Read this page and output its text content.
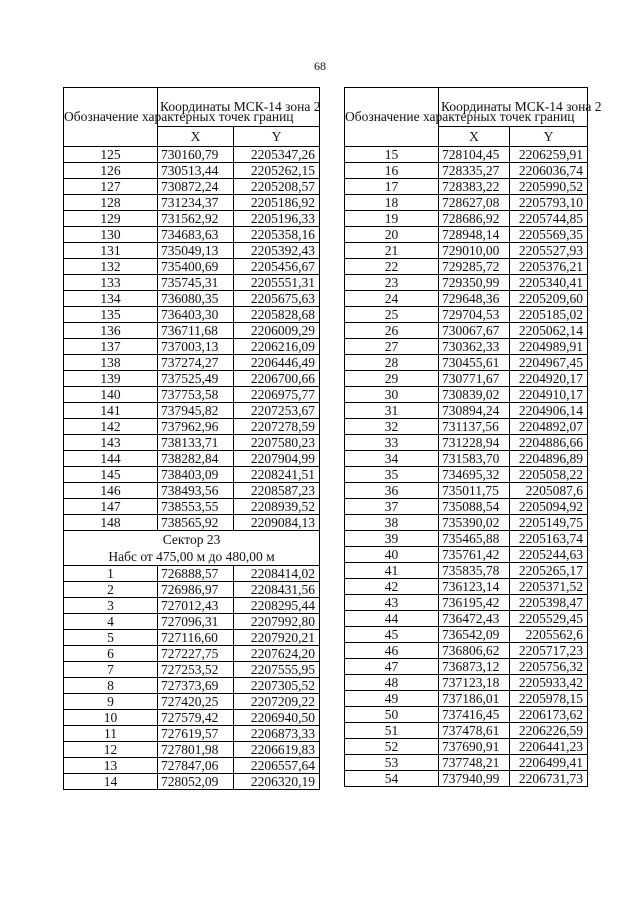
68
Обозначение характерных точек границ	Координаты МСК-14 зона 2	
	X	Y
125	730160,79	2205347,26
126	730513,44	2205262,15
127	730872,24	2205208,57
128	731234,37	2205186,92
129	731562,92	2205196,33
130	734683,63	2205358,16
131	735049,13	2205392,43
132	735400,69	2205456,67
133	735745,31	2205551,31
134	736080,35	2205675,63
135	736403,30	2205828,68
136	736711,68	2206009,29
137	737003,13	2206216,09
138	737274,27	2206446,49
139	737525,49	2206700,66
140	737753,58	2206975,77
141	737945,82	2207253,67
142	737962,96	2207278,59
143	738133,71	2207580,23
144	738282,84	2207904,99
145	738403,09	2208241,51
146	738493,56	2208587,23
147	738553,55	2208939,52
148	738565,92	2209084,13

Сектор 23
Набс от 475,00 м до 480,00 м		

1	726888,57	2208414,02
2	726986,97	2208431,56
3	727012,43	2208295,44
4	727096,31	2207992,80
5	727116,60	2207920,21
6	727227,75	2207624,20
7	727253,52	2207555,95
8	727373,69	2207305,52
9	727420,25	2207209,22
10	727579,42	2206940,50
11	727619,57	2206873,33
12	727801,98	2206619,83
13	727847,06	2206557,64
14	728052,09	2206320,19
Обозначение характерных точек границ	Координаты МСК-14 зона 2	
	X	Y
15	728104,45	2206259,91
16	728335,27	2206036,74
17	728383,22	2205990,52
18	728627,08	2205793,10
19	728686,92	2205744,85
20	728948,14	2205569,35
21	729010,00	2205527,93
22	729285,72	2205376,21
23	729350,99	2205340,41
24	729648,36	2205209,60
25	729704,53	2205185,02
26	730067,67	2205062,14
27	730362,33	2204989,91
28	730455,61	2204967,45
29	730771,67	2204920,17
30	730839,02	2204910,17
31	730894,24	2204906,14
32	731137,56	2204892,07
33	731228,94	2204886,66
34	731583,70	2204896,89
35	734695,32	2205058,22
36	735011,75	2205087,6
37	735088,54	2205094,92
38	735390,02	2205149,75
39	735465,88	2205163,74
40	735761,42	2205244,63
41	735835,78	2205265,17
42	736123,14	2205371,52
43	736195,42	2205398,47
44	736472,43	2205529,45
45	736542,09	2205562,6
46	736806,62	2205717,23
47	736873,12	2205756,32
48	737123,18	2205933,42
49	737186,01	2205978,15
50	737416,45	2206173,62
51	737478,61	2206226,59
52	737690,91	2206441,23
53	737748,21	2206499,41
54	737940,99	2206731,73
